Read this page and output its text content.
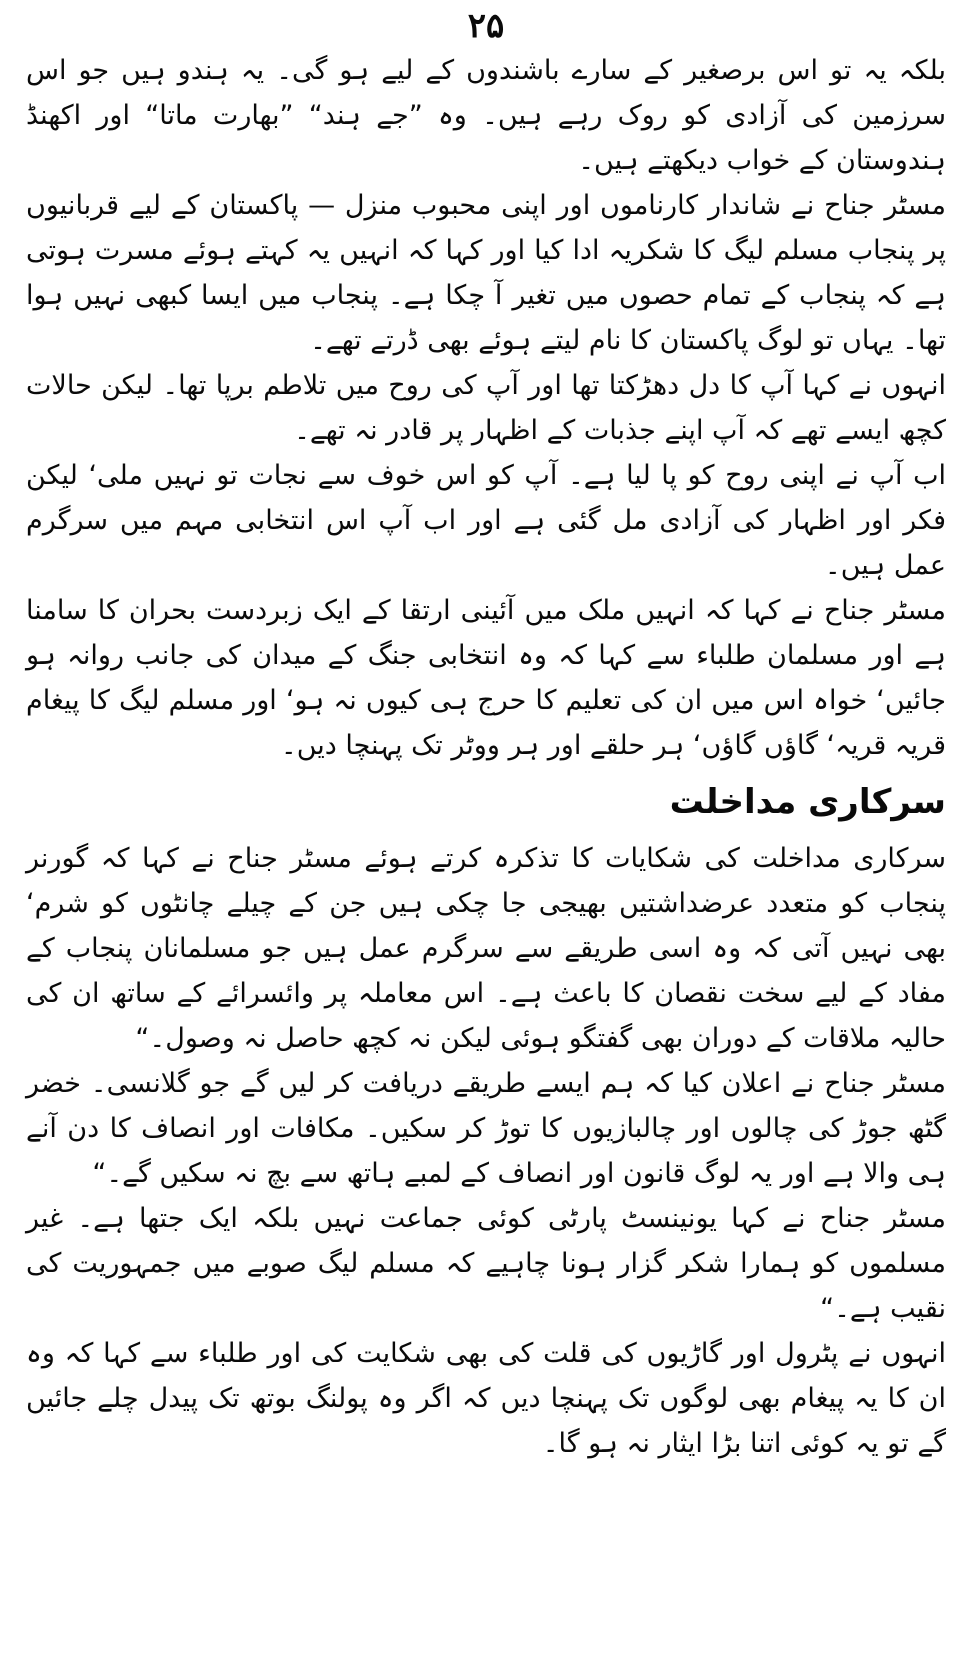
۲۵

بلکہ یہ تو اس برصغیر کے سارے باشندوں کے لیے ہو گی۔ یہ ہندو ہیں جو اس سرزمین کی آزادی کو روک رہے ہیں۔ وہ ”جے ہند“ ”بھارت ماتا“ اور اکھنڈ ہندوستان کے خواب دیکھتے ہیں۔

مسٹر جناح نے شاندار کارناموں اور اپنی محبوب منزل — پاکستان کے لیے قربانیوں پر پنجاب مسلم لیگ کا شکریہ ادا کیا اور کہا کہ انہیں یہ کہتے ہوئے مسرت ہوتی ہے کہ پنجاب کے تمام حصوں میں تغیر آ چکا ہے۔ پنجاب میں ایسا کبھی نہیں ہوا تھا۔ یہاں تو لوگ پاکستان کا نام لیتے ہوئے بھی ڈرتے تھے۔

انہوں نے کہا آپ کا دل دھڑکتا تھا اور آپ کی روح میں تلاطم برپا تھا۔ لیکن حالات کچھ ایسے تھے کہ آپ اپنے جذبات کے اظہار پر قادر نہ تھے۔

اب آپ نے اپنی روح کو پا لیا ہے۔ آپ کو اس خوف سے نجات تو نہیں ملی‘ لیکن فکر اور اظہار کی آزادی مل گئی ہے اور اب آپ اس انتخابی مہم میں سرگرم عمل ہیں۔

مسٹر جناح نے کہا کہ انہیں ملک میں آئینی ارتقا کے ایک زبردست بحران کا سامنا ہے اور مسلمان طلباء سے کہا کہ وہ انتخابی جنگ کے میدان کی جانب روانہ ہو جائیں‘ خواہ اس میں ان کی تعلیم کا حرج ہی کیوں نہ ہو‘ اور مسلم لیگ کا پیغام قریہ قریہ‘ گاؤں گاؤں‘ ہر حلقے اور ہر ووٹر تک پہنچا دیں۔

سرکاری مداخلت

سرکاری مداخلت کی شکایات کا تذکرہ کرتے ہوئے مسٹر جناح نے کہا کہ گورنر پنجاب کو متعدد عرضداشتیں بھیجی جا چکی ہیں جن کے چیلے چانٹوں کو شرم‘ بھی نہیں آتی کہ وہ اسی طریقے سے سرگرم عمل ہیں جو مسلمانان پنجاب کے مفاد کے لیے سخت نقصان کا باعث ہے۔ اس معاملہ پر وائسرائے کے ساتھ ان کی حالیہ ملاقات کے دوران بھی گفتگو ہوئی لیکن نہ کچھ حاصل نہ وصول۔“

مسٹر جناح نے اعلان کیا کہ ہم ایسے طریقے دریافت کر لیں گے جو گلانسی۔ خضر گٹھ جوڑ کی چالوں اور چالبازیوں کا توڑ کر سکیں۔ مکافات اور انصاف کا دن آنے ہی والا ہے اور یہ لوگ قانون اور انصاف کے لمبے ہاتھ سے بچ نہ سکیں گے۔“

مسٹر جناح نے کہا یونینسٹ پارٹی کوئی جماعت نہیں بلکہ ایک جتھا ہے۔ غیر مسلموں کو ہمارا شکر گزار ہونا چاہیے کہ مسلم لیگ صوبے میں جمہوریت کی نقیب ہے۔“

انہوں نے پٹرول اور گاڑیوں کی قلت کی بھی شکایت کی اور طلباء سے کہا کہ وہ ان کا یہ پیغام بھی لوگوں تک پہنچا دیں کہ اگر وہ پولنگ بوتھ تک پیدل چلے جائیں گے تو یہ کوئی اتنا بڑا ایثار نہ ہو گا۔
